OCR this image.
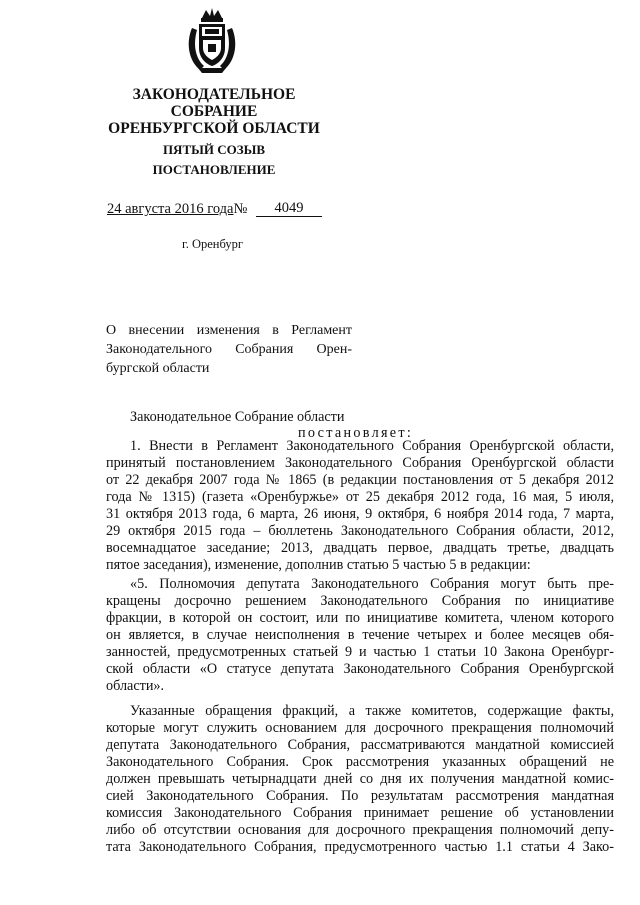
ЗАКОНОДАТЕЛЬНОЕ
СОБРАНИЕ
ОРЕНБУРГСКОЙ ОБЛАСТИ
ПЯТЫЙ СОЗЫВ
ПОСТАНОВЛЕНИЕ
24 августа 2016 года№	4049
г. Оренбург
О внесении изменения в Регламент
Законодательного Собрания Орен-
бургской области
Законодательное Собрание области
постановляет:
1. Внести в Регламент Законодательного Собрания Оренбургской области,
принятый постановлением Законодательного Собрания Оренбургской области
от 22 декабря 2007 года № 1865 (в редакции постановления от 5 декабря 2012
года № 1315) (газета «Оренбуржье» от 25 декабря 2012 года, 16 мая, 5 июля,
31 октября 2013 года, 6 марта, 26 июня, 9 октября, 6 ноября 2014 года, 7 марта,
29 октября 2015 года – бюллетень Законодательного Собрания области, 2012,
восемнадцатое заседание; 2013, двадцать первое, двадцать третье, двадцать
пятое заседания), изменение, дополнив статью 5 частью 5 в редакции:
«5. Полномочия депутата Законодательного Собрания могут быть пре-
кращены досрочно решением Законодательного Собрания по инициативе
фракции, в которой он состоит, или по инициативе комитета, членом которого
он является, в случае неисполнения в течение четырех и более месяцев обя-
занностей, предусмотренных статьей 9 и частью 1 статьи 10 Закона Оренбург-
ской области «О статусе депутата Законодательного Собрания Оренбургской
области».
Указанные обращения фракций, а также комитетов, содержащие факты,
которые могут служить основанием для досрочного прекращения полномочий
депутата Законодательного Собрания, рассматриваются мандатной комиссией
Законодательного Собрания. Срок рассмотрения указанных обращений не
должен превышать четырнадцати дней со дня их получения мандатной комис-
сией Законодательного Собрания. По результатам рассмотрения мандатная
комиссия Законодательного Собрания принимает решение об установлении
либо об отсутствии основания для досрочного прекращения полномочий депу-
тата Законодательного Собрания, предусмотренного частью 1.1 статьи 4 Зако-
